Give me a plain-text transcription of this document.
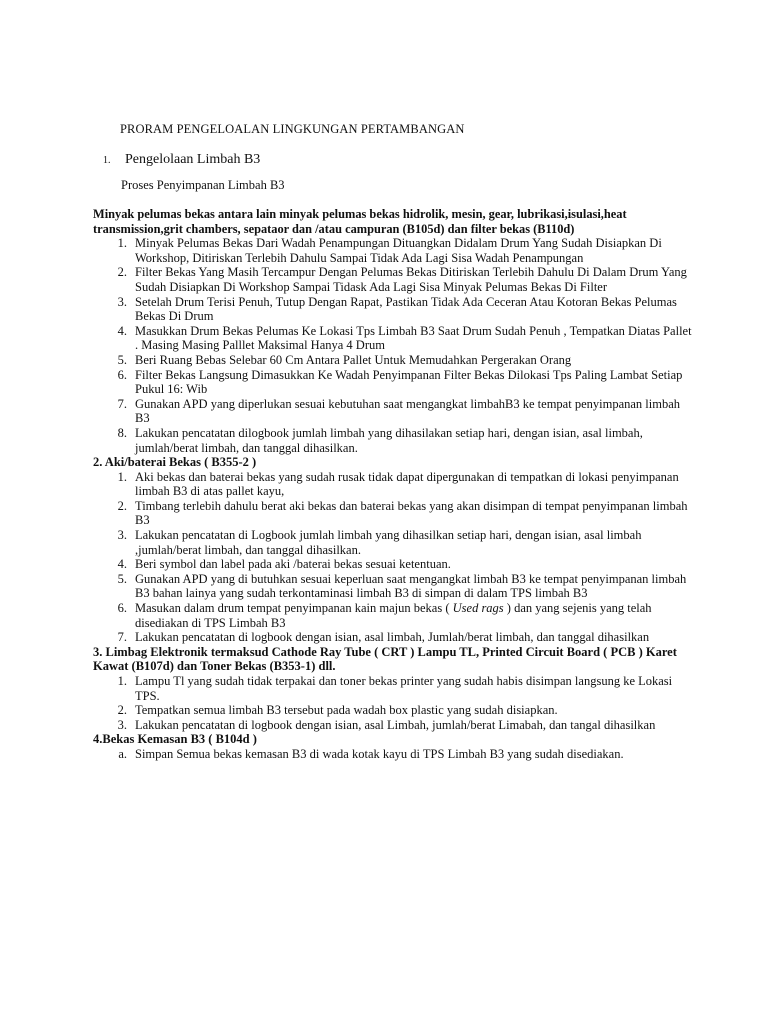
PRORAM PENGELOALAN LINGKUNGAN PERTAMBANGAN
1. Pengelolaan Limbah B3
Proses Penyimpanan Limbah B3

Minyak pelumas bekas antara lain minyak pelumas bekas hidrolik, mesin, gear, lubrikasi,isulasi,heat transmission,grit chambers, sepataor dan /atau campuran (B105d) dan filter bekas (B110d)

1. Minyak Pelumas Bekas Dari Wadah Penampungan Dituangkan Didalam Drum Yang Sudah Disiapkan Di Workshop, Ditiriskan Terlebih Dahulu Sampai Tidak Ada Lagi Sisa Wadah Penampungan
2. Filter Bekas Yang Masih Tercampur Dengan Pelumas Bekas Ditiriskan Terlebih Dahulu Di Dalam Drum Yang Sudah Disiapkan Di Workshop Sampai Tidask Ada Lagi Sisa Minyak Pelumas Bekas Di Filter
3. Setelah Drum Terisi Penuh, Tutup Dengan Rapat, Pastikan Tidak Ada Ceceran Atau Kotoran Bekas Pelumas Bekas Di Drum
4. Masukkan Drum Bekas Pelumas Ke Lokasi Tps Limbah B3 Saat Drum Sudah Penuh , Tempatkan Diatas Pallet . Masing Masing Palllet Maksimal Hanya 4 Drum
5. Beri Ruang Bebas Selebar 60 Cm Antara Pallet Untuk Memudahkan Pergerakan Orang
6. Filter Bekas Langsung Dimasukkan Ke Wadah Penyimpanan Filter Bekas Dilokasi Tps Paling Lambat Setiap Pukul 16: Wib
7. Gunakan APD yang diperlukan sesuai kebutuhan saat mengangkat limbahB3 ke tempat penyimpanan limbah B3
8. Lakukan pencatatan dilogbook jumlah limbah yang dihasilakan setiap hari, dengan isian, asal limbah, jumlah/berat limbah, dan tanggal dihasilkan.

2. Aki/baterai Bekas ( B355-2 )

1. Aki bekas dan baterai bekas yang sudah rusak tidak dapat dipergunakan di tempatkan di lokasi penyimpanan limbah B3 di atas pallet kayu,
2. Timbang terlebih dahulu berat aki bekas dan baterai bekas yang akan disimpan di tempat penyimpanan limbah B3
3. Lakukan pencatatan di Logbook jumlah limbah yang dihasilkan setiap hari, dengan isian, asal limbah ,jumlah/berat limbah, dan tanggal dihasilkan.
4. Beri symbol dan label pada aki /baterai bekas sesuai ketentuan.
5. Gunakan APD yang di butuhkan sesuai keperluan saat mengangkat limbah B3 ke tempat penyimpanan limbah B3 bahan lainya yang sudah terkontaminasi limbah B3 di simpan di dalam TPS limbah B3
6. Masukan dalam drum tempat penyimpanan kain majun bekas ( Used rags ) dan yang sejenis yang telah disediakan di TPS Limbah B3
7. Lakukan pencatatan di logbook dengan isian, asal limbah, Jumlah/berat limbah, dan tanggal dihasilkan

3. Limbag Elektronik termaksud Cathode Ray Tube ( CRT ) Lampu TL, Printed Circuit Board ( PCB ) Karet Kawat (B107d) dan Toner Bekas (B353-1) dll.

1. Lampu Tl yang sudah tidak terpakai dan toner bekas printer yang sudah habis disimpan langsung ke Lokasi TPS.
2. Tempatkan semua limbah B3 tersebut pada wadah box plastic yang sudah disiapkan.
3. Lakukan pencatatan di logbook dengan isian, asal Limbah, jumlah/berat Limabah, dan tangal dihasilkan

4.Bekas Kemasan B3 ( B104d )

a. Simpan Semua bekas kemasan B3 di wada kotak kayu di TPS Limbah B3 yang sudah disediakan.
